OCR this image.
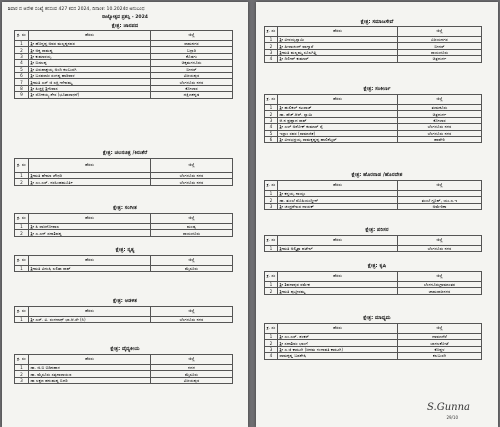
ಶಿವಾರ ದ ಆದೇಶ ಸಂಖ್ಯೆ ಕನಸಂವ 427 ಕಸದ 2024, ದಿನಾಂಕ: 10.2024ರ ಅನುಬಂಧ
ರಾಜ್ಯೋತ್ಸವ ಪ್ರಶಸ್ತಿ - 2024
ಕ್ಷೇತ್ರ: ಜಾನಪದ
ಕ್ರ. ಸಂ	ಹೆಸರು	ಜಿಲ್ಲೆ
1	ಶ್ರೀ ಹೊನ್ನಪ್ಪ ಅವರ ಮಲ್ಲಪ್ಪನವರ	ರಾಮನಗರ
2	ಶ್ರೀ ಅಕ್ಕ ರಾಮಪ್ಪ	ಬಳ್ಳಾರಿ
3	ಶ್ರೀ ಕುಮಾರಯ್ಯ	ಕೊಡಗು
4	ಶ್ರೀ ಬಿಡಲಪ್ಪ	ಚಿಕ್ಕಮಗಳೂರು
5	ಶ್ರೀ ವಿರುಪಾಕ್ಷಯ್ಯ ಅಂದಿ ಕಲಬುರಗಿ	ಬೀದರ್
6	ಶ್ರೀ ಬಸವರಾಜ ಸಂಗಪ್ಪ ಹಾರಿವಾಳ	ವಿಜಯಪುರ
7	ಶ್ರೀಮತಿ ಎಸ್ ಜಿ ಲಕ್ಷ್ಮೀದೇವಮ್ಮ	ಬೆಂಗಳೂರು ನಗರ
8	ಶ್ರೀ ಪಿಚ್ಚಳ್ಳಿ ಶ್ರೀನಿವಾಸ	ಕೋಲಾರ
9	ಶ್ರೀ ಲೋಕಯ್ಯ ಶೇರ (ಭೂತಾರಾಧನೆ)	ದಕ್ಷಿಣಕನ್ನಡ
ಕ್ಷೇತ್ರ: ಚಲನಚಿತ್ರ /ಕಿರುತೆರೆ
ಕ್ರ. ಸಂ	ಹೆಸರು	ಜಿಲ್ಲೆ
1	ಶ್ರೀಮತಿ ಹೇಮಾ ಚೌಧರಿ	ಬೆಂಗಳೂರು ನಗರ
2	ಶ್ರೀ ಎಂ.ಎಸ್. ನರಸಿಂಹಮೂರ್ತಿ	ಬೆಂಗಳೂರು ನಗರ
ಕ್ಷೇತ್ರ: ಸಂಗೀತ
ಕ್ರ. ಸಂ	ಹೆಸರು	ಜಿಲ್ಲೆ
1	ಶ್ರೀ ಪಿ ರಾಜಗೋಪಾಲ	ಮಂಡ್ಯ
2	ಶ್ರೀ ಎ.ಎನ್ ಸದಾಶಿವಪ್ಪ	ರಾಯಚೂರು
ಕ್ಷೇತ್ರ: ನೃತ್ಯ
ಕ್ರ. ಸಂ	ಹೆಸರು	ಜಿಲ್ಲೆ
1	ಶ್ರೀಮತಿ ವಿದುಷಿ ಲಲಿತಾ ರಾವ್	ಮೈಸೂರು
ಕ್ಷೇತ್ರ: ಆಡಳಿತ
ಕ್ರ. ಸಂ	ಹೆಸರು	ಜಿಲ್ಲೆ
1	ಶ್ರೀ ಎಸ್. ವಿ. ರಂಗನಾಥ್ ಭಾ.ಆ.ಸೇ (ನಿ)	ಬೆಂಗಳೂರು ನಗರ
ಕ್ಷೇತ್ರ: ವೈದ್ಯಕೀಯ
ಕ್ರ. ಸಂ	ಹೆಸರು	ಜಿಲ್ಲೆ
1	ಡಾ. ಜಿ.ಬಿ ಬಿಡಿನಹಾಳ	ಗದಗ
2	ಡಾ. ಮೈಸೂರು ಸತ್ಯನಾರಾಯಣ	ಮೈಸೂರು
3	ಡಾ ಲಕ್ಷ್ಮಣ ಹನುಮಪ್ಪ ಬಿದರಿ	ವಿಜಯಪುರ
ಕ್ಷೇತ್ರ: ಸಮಾಜಸೇವೆ
ಕ್ರ. ಸಂ	ಹೆಸರು	ಜಿಲ್ಲೆ
1	ಶ್ರೀ ವೀರಯ್ಯಸ್ವಾಮಿ	ವಿಜಯನಗರ
2	ಶ್ರೀ ಹೀರಾಚಂದ್ ವಾಗ್ಮಾರೆ	ಬೀದರ್
3	ಶ್ರೀಮತಿ ಮಲ್ಲಮ್ಮ ಸೂಲಗಿತ್ತಿ	ರಾಯಚೂರು
4	ಶ್ರೀ ದಿಲೀಪ್ ಕುಮಾರ್	ಚಿತ್ರದುರ್ಗ
ಕ್ಷೇತ್ರ: ಸಂಕೀರ್ಣ
ಕ್ರ. ಸಂ	ಹೆಸರು	ಜಿಲ್ಲೆ
1	ಶ್ರೀ ಹುಲಿಕಲ್ ನಟರಾಜ್	ತುಮಕೂರು
2	ಡಾ. ಹೆಚ್.ಆರ್. ಸ್ವಾಮಿ	ಚಿತ್ರದುರ್ಗ
3	ಆ.ನ ಪ್ರಹ್ಲಾದ ರಾವ್	ಕೋಲಾರ
4	ಶ್ರೀ ಎಲ್ ಅಶೋಕ್ ಕುಮಾರ್ ರೈ	ಬೆಂಗಳೂರು ನಗರ
5	ಇಸ್ಲಾಂ ರವರ (ಸಾಮಾಜಿಕ)	ಬೆಂಗಳೂರು ನಗರ
6	ಶ್ರೀ ವೀರಭದ್ರಯ್ಯ ರಾಮಕೃಷ್ಣಪ್ಪ ಹಾಲಿಶೆಟ್ಟರ್	ಹಾವೇರಿ
ಕ್ಷೇತ್ರ: ಹೊರನಾಡ /ಹೊರದೇಶ
ಕ್ರ. ಸಂ	ಹೆಸರು	ಜಿಲ್ಲೆ
1	ಶ್ರೀ ಕನ್ನಯ್ಯ ನಾಯ್ಡು	
2	ಡಾ. ತುಂಬೆ ಮೊಹಿಯುದ್ದೀನ್	ತುಂಬೆ ಗ್ರೂಪ್, ಯು.ಎ.ಇ
3	ಶ್ರೀ ಚಂದ್ರಶೇಖರ ನಾಯಕ್	ಅಮೇರಿಕಾ
ಕ್ಷೇತ್ರ: ಪರಿಸರ
ಕ್ರ. ಸಂ	ಹೆಸರು	ಜಿಲ್ಲೆ
1	ಶ್ರೀಮತಿ ಅಲ್ಮಿತ್ರಾ ಪಟೇಲ್	ಬೆಂಗಳೂರು ನಗರ
ಕ್ಷೇತ್ರ: ಕೃಷಿ
ಕ್ರ. ಸಂ	ಹೆಸರು	ಜಿಲ್ಲೆ
1	ಶ್ರೀ ಶಿವನಾಪುರ ರಮೇಶ	ಬೆಂಗಳೂರುಗ್ರಾಮಾಂತರ
2	ಶ್ರೀಮತಿ ಪುಟ್ಟೀರಮ್ಮ	ಚಾಮರಾಜನಗರ
ಕ್ಷೇತ್ರ: ಮಾಧ್ಯಮ
ಕ್ರ. ಸಂ	ಹೆಸರು	ಜಿಲ್ಲೆ
1	ಶ್ರೀ ಎಂ.ಎಸ್. ಶಂಕರ್	ದಾವಣಗೆರೆ
2	ಶ್ರೀ ಸದಾಶಿವಂ ಭಾಂಗೆ	ಬಾಗಲಕೋಟೆ
3	ಶ್ರೀ ಎ.ಜಿ ಕಾರಟಗಿ (ಜನಮ ಗಂಗಾವತಿ ಕಾರಟಗಿ)	ಕೊಪ್ಪಳ
4	ರಾಮಕೃಷ್ಣ ಬಡಶೇಷಿ	ಕಲಬುರಗಿ
S.Gunna
29/10
